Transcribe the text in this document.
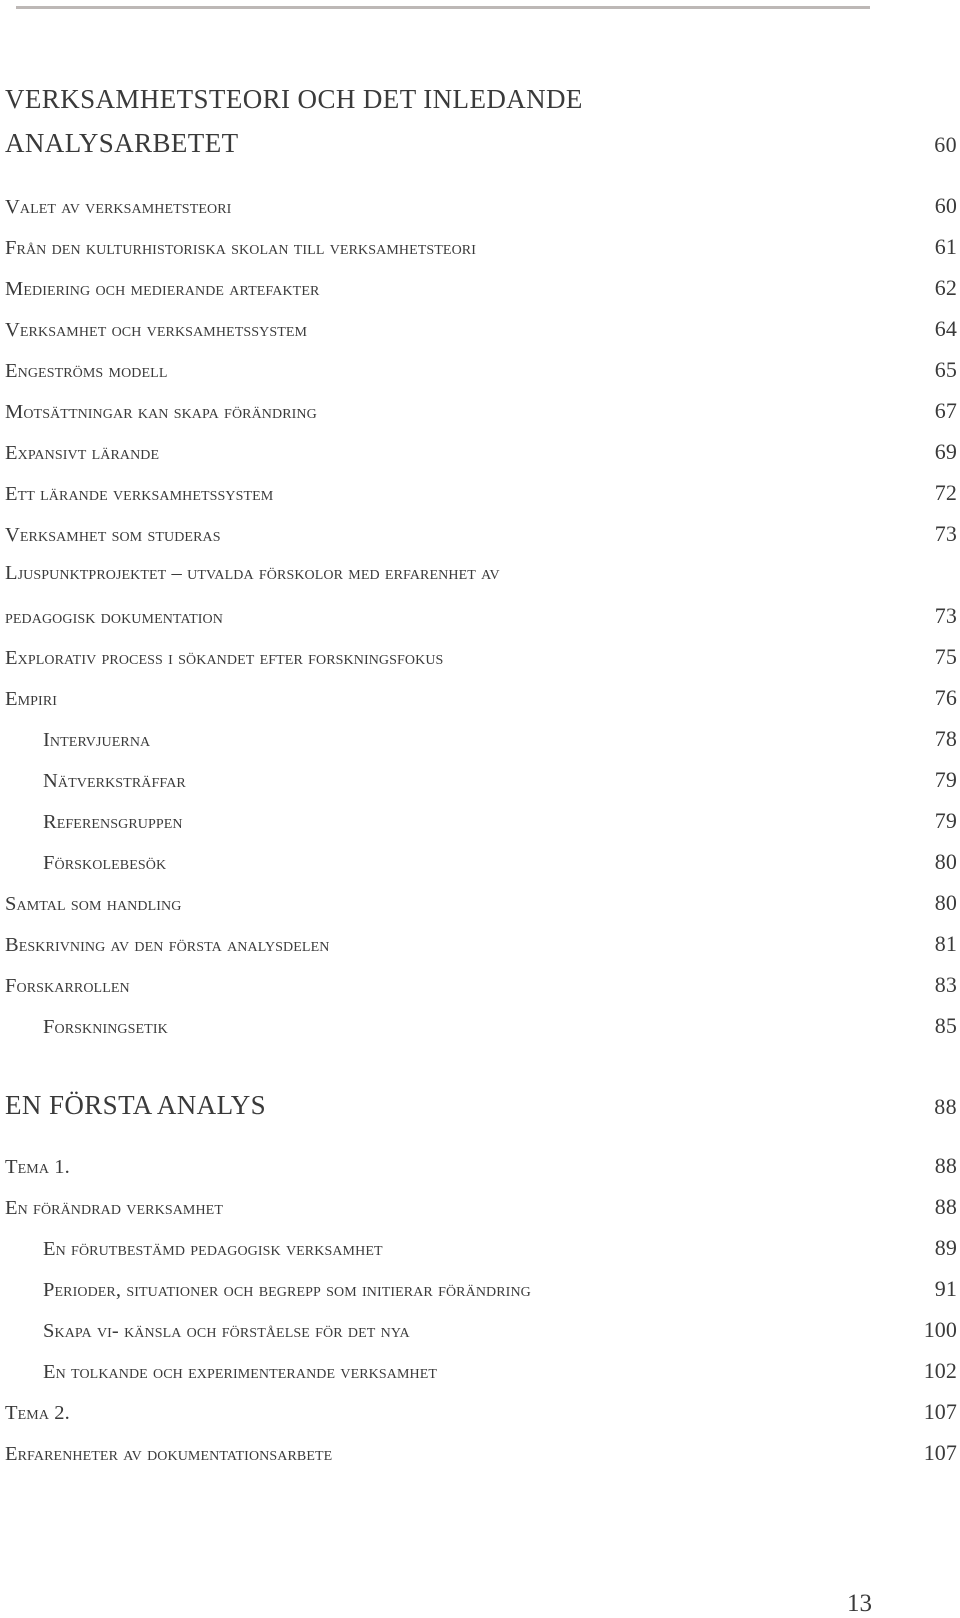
VERKSAMHETSTEORI OCH DET INLEDANDE
ANALYSARBETET	60
Valet av verksamhetsteori	60
Från den kulturhistoriska skolan till verksamhetsteori	61
Mediering och medierande artefakter	62
Verksamhet och verksamhetssystem	64
Engeströms modell	65
Motsättningar kan skapa förändring	67
Expansivt lärande	69
Ett lärande verksamhetssystem	72
Verksamhet som studeras	73
Ljuspunktprojektet – utvalda förskolor med erfarenhet av
pedagogisk dokumentation	73
Explorativ process i sökandet efter forskningsfokus	75
Empiri	76
Intervjuerna	78
Nätverksträffar	79
Referensgruppen	79
Förskolebesök	80
Samtal som handling	80
Beskrivning av den första analysdelen	81
Forskarrollen	83
Forskningsetik	85
EN FÖRSTA ANALYS	88
Tema 1.	88
En förändrad verksamhet	88
En förutbestämd pedagogisk verksamhet	89
Perioder, situationer och begrepp som initierar förändring	91
Skapa vi- känsla och förståelse för det nya	100
En tolkande och experimenterande verksamhet	102
Tema 2.	107
Erfarenheter av dokumentationsarbete	107
13
